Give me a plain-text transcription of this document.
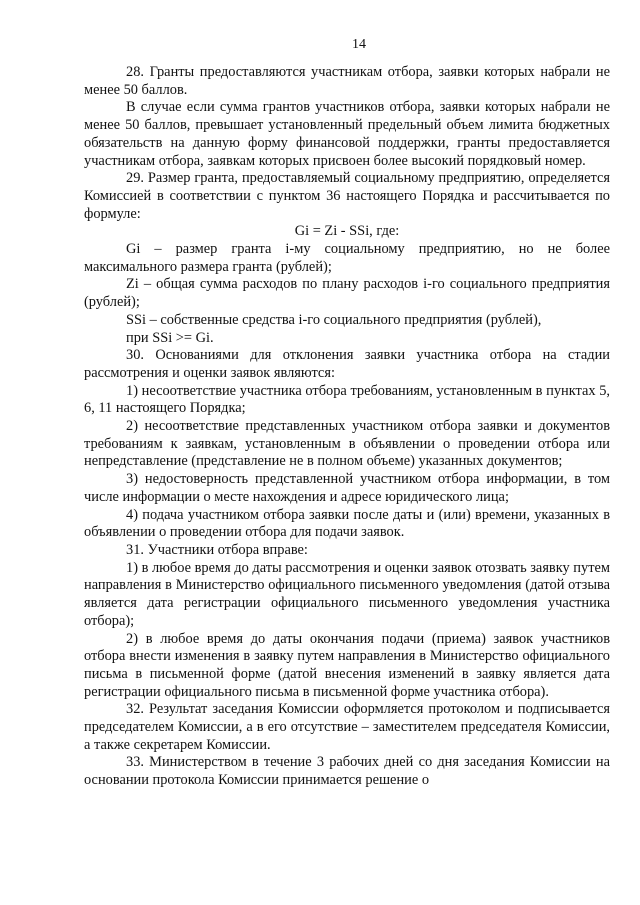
14

28. Гранты предоставляются участникам отбора, заявки которых набрали не менее 50 баллов.

В случае если сумма грантов участников отбора, заявки которых набрали не менее 50 баллов, превышает установленный предельный объем лимита бюджетных обязательств на данную форму финансовой поддержки, гранты предоставляется участникам отбора, заявкам которых присвоен более высокий порядковый номер.

29. Размер гранта, предоставляемый социальному предприятию, определяется Комиссией в соответствии с пунктом 36 настоящего Порядка и рассчитывается по формуле:

Gi = Zi - SSi, где:

Gi – размер гранта i-му социальному предприятию, но не более максимального размера гранта (рублей);

Zi – общая сумма расходов по плану расходов i-го социального предприятия (рублей);

SSi – собственные средства i-го социального предприятия (рублей),

при SSi >= Gi.

30. Основаниями для отклонения заявки участника отбора на стадии рассмотрения и оценки заявок являются:

1) несоответствие участника отбора требованиям, установленным в пунктах 5, 6, 11 настоящего Порядка;

2) несоответствие представленных участником отбора заявки и документов требованиям к заявкам, установленным в объявлении о проведении отбора или непредставление (представление не в полном объеме) указанных документов;

3) недостоверность представленной участником отбора информации, в том числе информации о месте нахождения и адресе юридического лица;

4) подача участником отбора заявки после даты и (или) времени, указанных в объявлении о проведении отбора для подачи заявок.

31. Участники отбора вправе:

1) в любое время до даты рассмотрения и оценки заявок отозвать заявку путем направления в Министерство официального письменного уведомления (датой отзыва является дата регистрации официального письменного уведомления участника отбора);

2) в любое время до даты окончания подачи (приема) заявок участников отбора внести изменения в заявку путем направления в Министерство официального письма в письменной форме (датой внесения изменений в заявку является дата регистрации официального письма в письменной форме участника отбора).

32. Результат заседания Комиссии оформляется протоколом и подписывается председателем Комиссии, а в его отсутствие – заместителем председателя Комиссии, а также секретарем Комиссии.

33. Министерством в течение 3 рабочих дней со дня заседания Комиссии на основании протокола Комиссии принимается решение о
